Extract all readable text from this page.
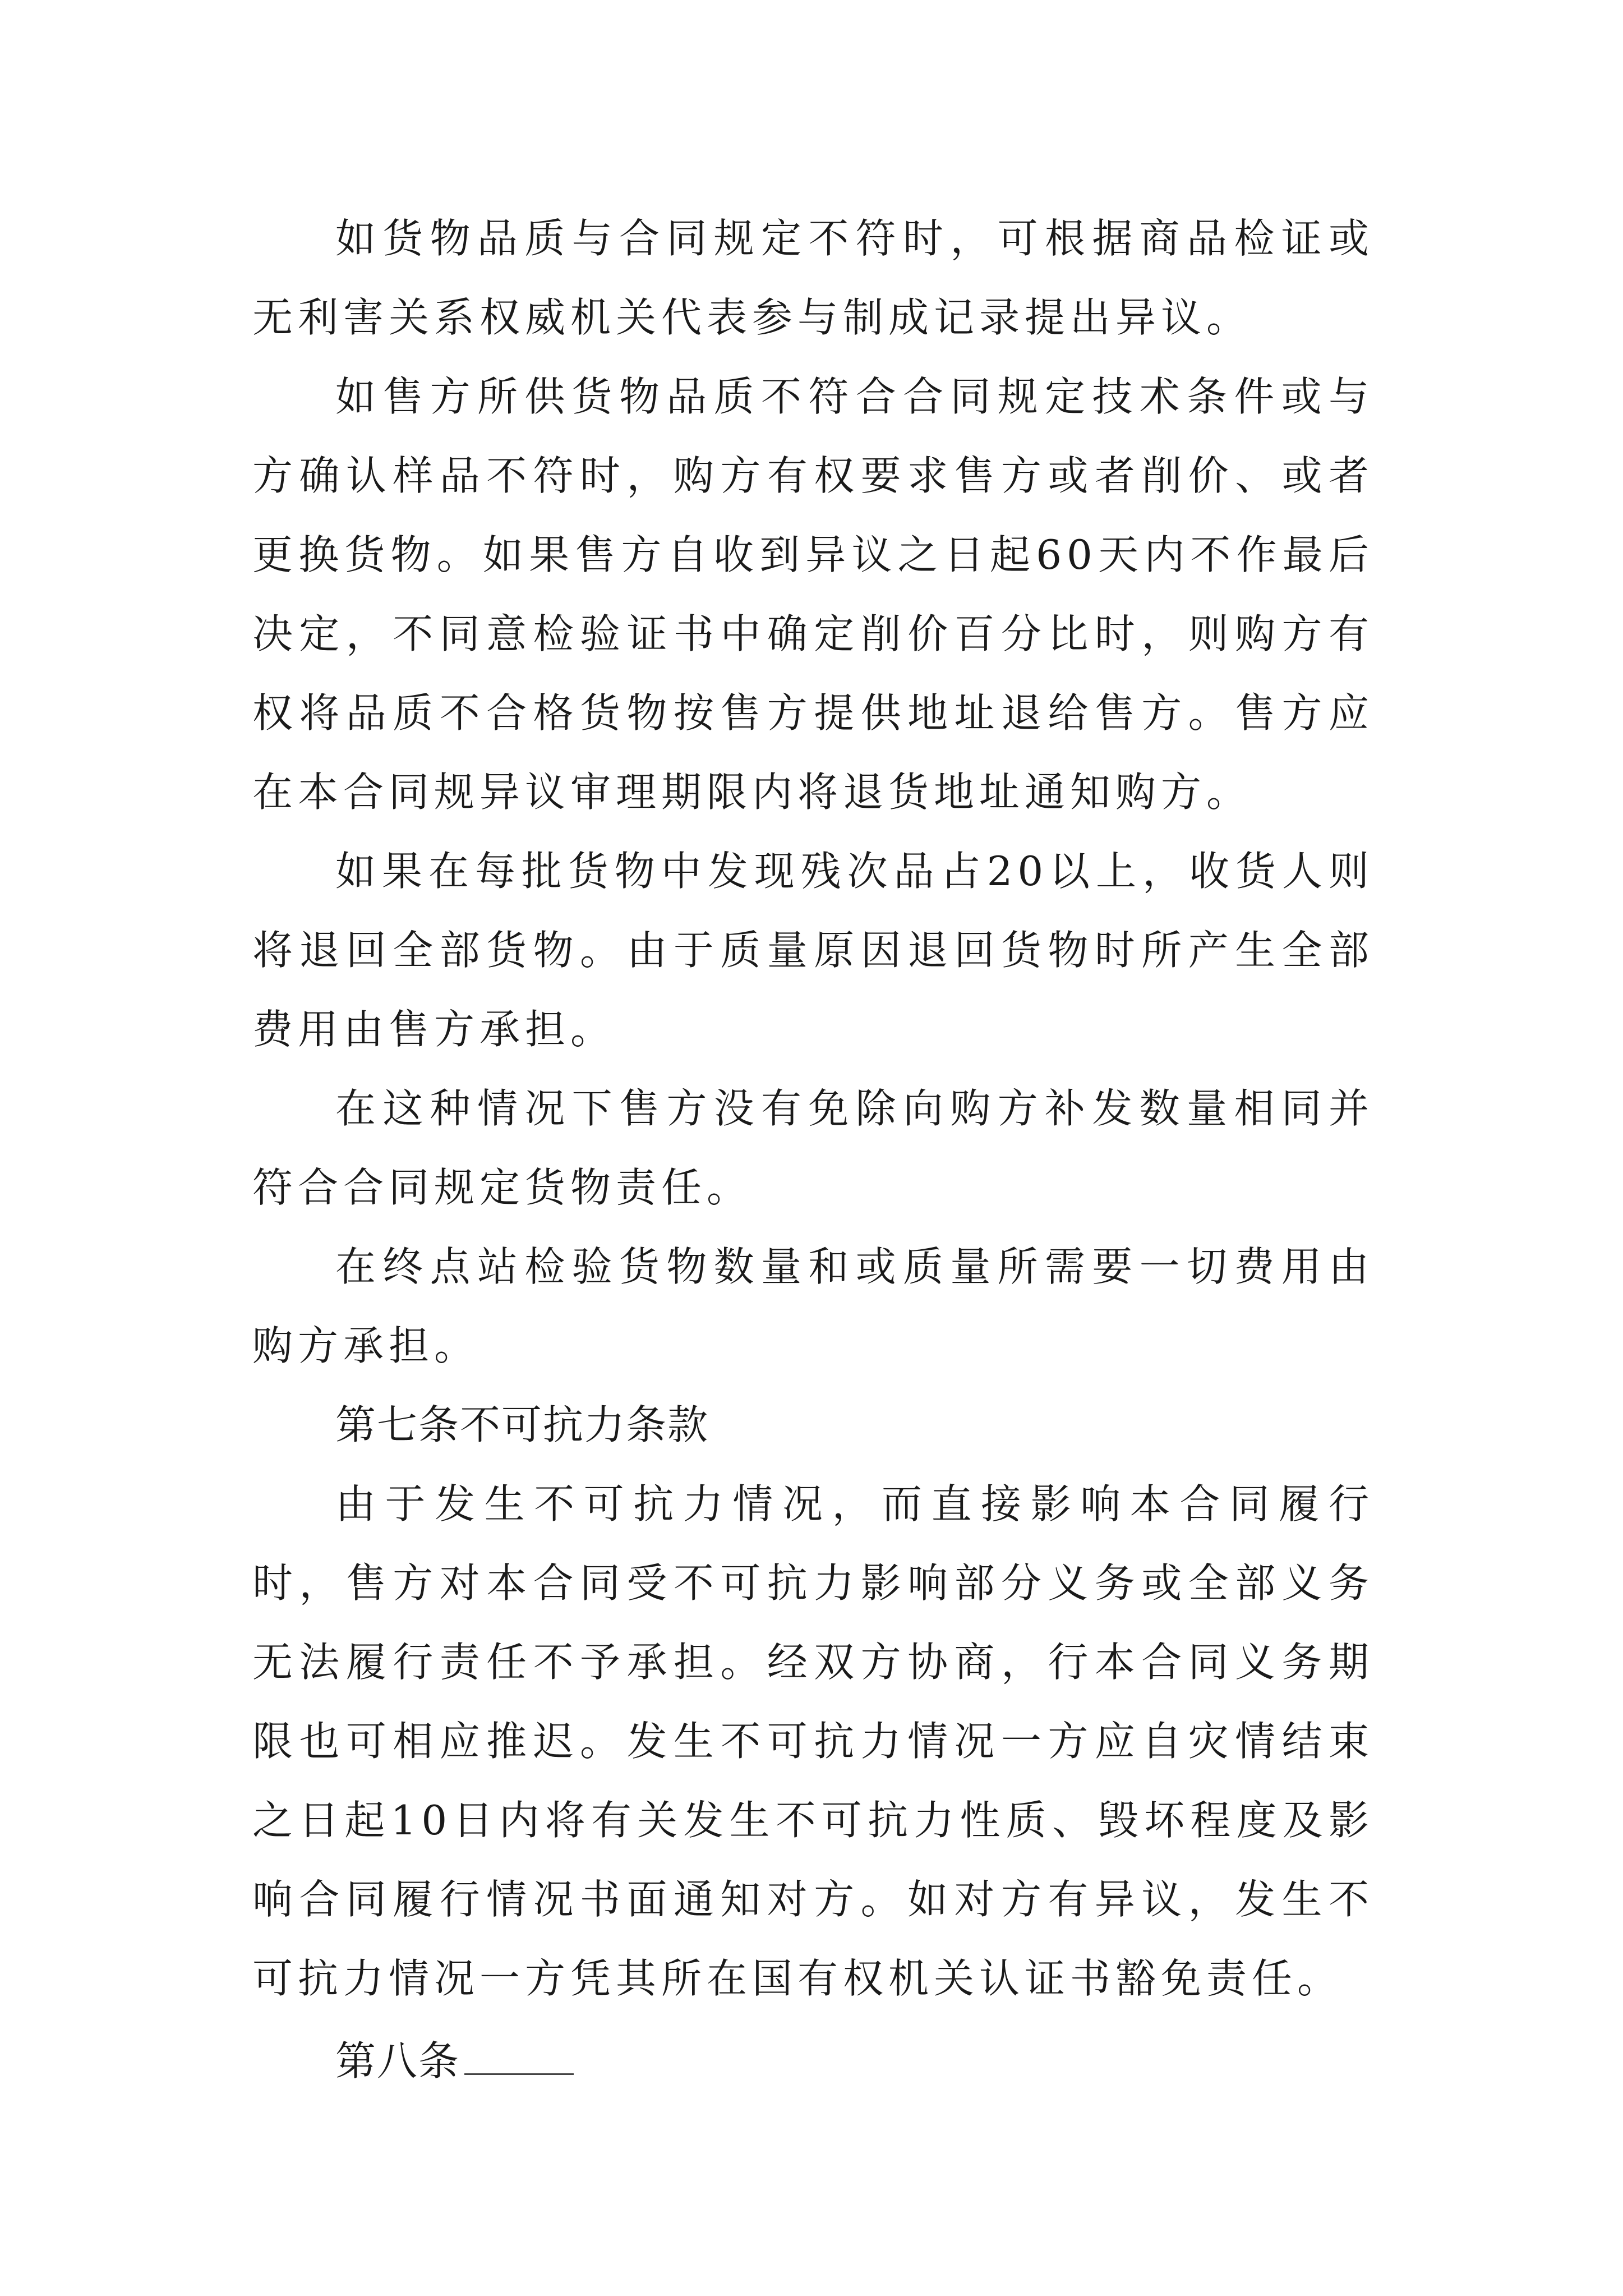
如货物品质与合同规定不符时，可根据商品检证或无利害关系权威机关代表参与制成记录提出异议。

如售方所供货物品质不符合合同规定技术条件或与方确认样品不符时，购方有权要求售方或者削价、或者更换货物。如果售方自收到异议之日起60天内不作最后决定，不同意检验证书中确定削价百分比时，则购方有权将品质不合格货物按售方提供地址退给售方。售方应在本合同规异议审理期限内将退货地址通知购方。

如果在每批货物中发现残次品占20以上，收货人则将退回全部货物。由于质量原因退回货物时所产生全部费用由售方承担。

在这种情况下售方没有免除向购方补发数量相同并符合合同规定货物责任。

在终点站检验货物数量和或质量所需要一切费用由购方承担。

第七条不可抗力条款

由于发生不可抗力情况，而直接影响本合同履行时，售方对本合同受不可抗力影响部分义务或全部义务无法履行责任不予承担。经双方协商，行本合同义务期限也可相应推迟。发生不可抗力情况一方应自灾情结束之日起10日内将有关发生不可抗力性质、毁坏程度及影响合同履行情况书面通知对方。如对方有异议，发生不可抗力情况一方凭其所在国有权机关认证书豁免责任。

第八条
